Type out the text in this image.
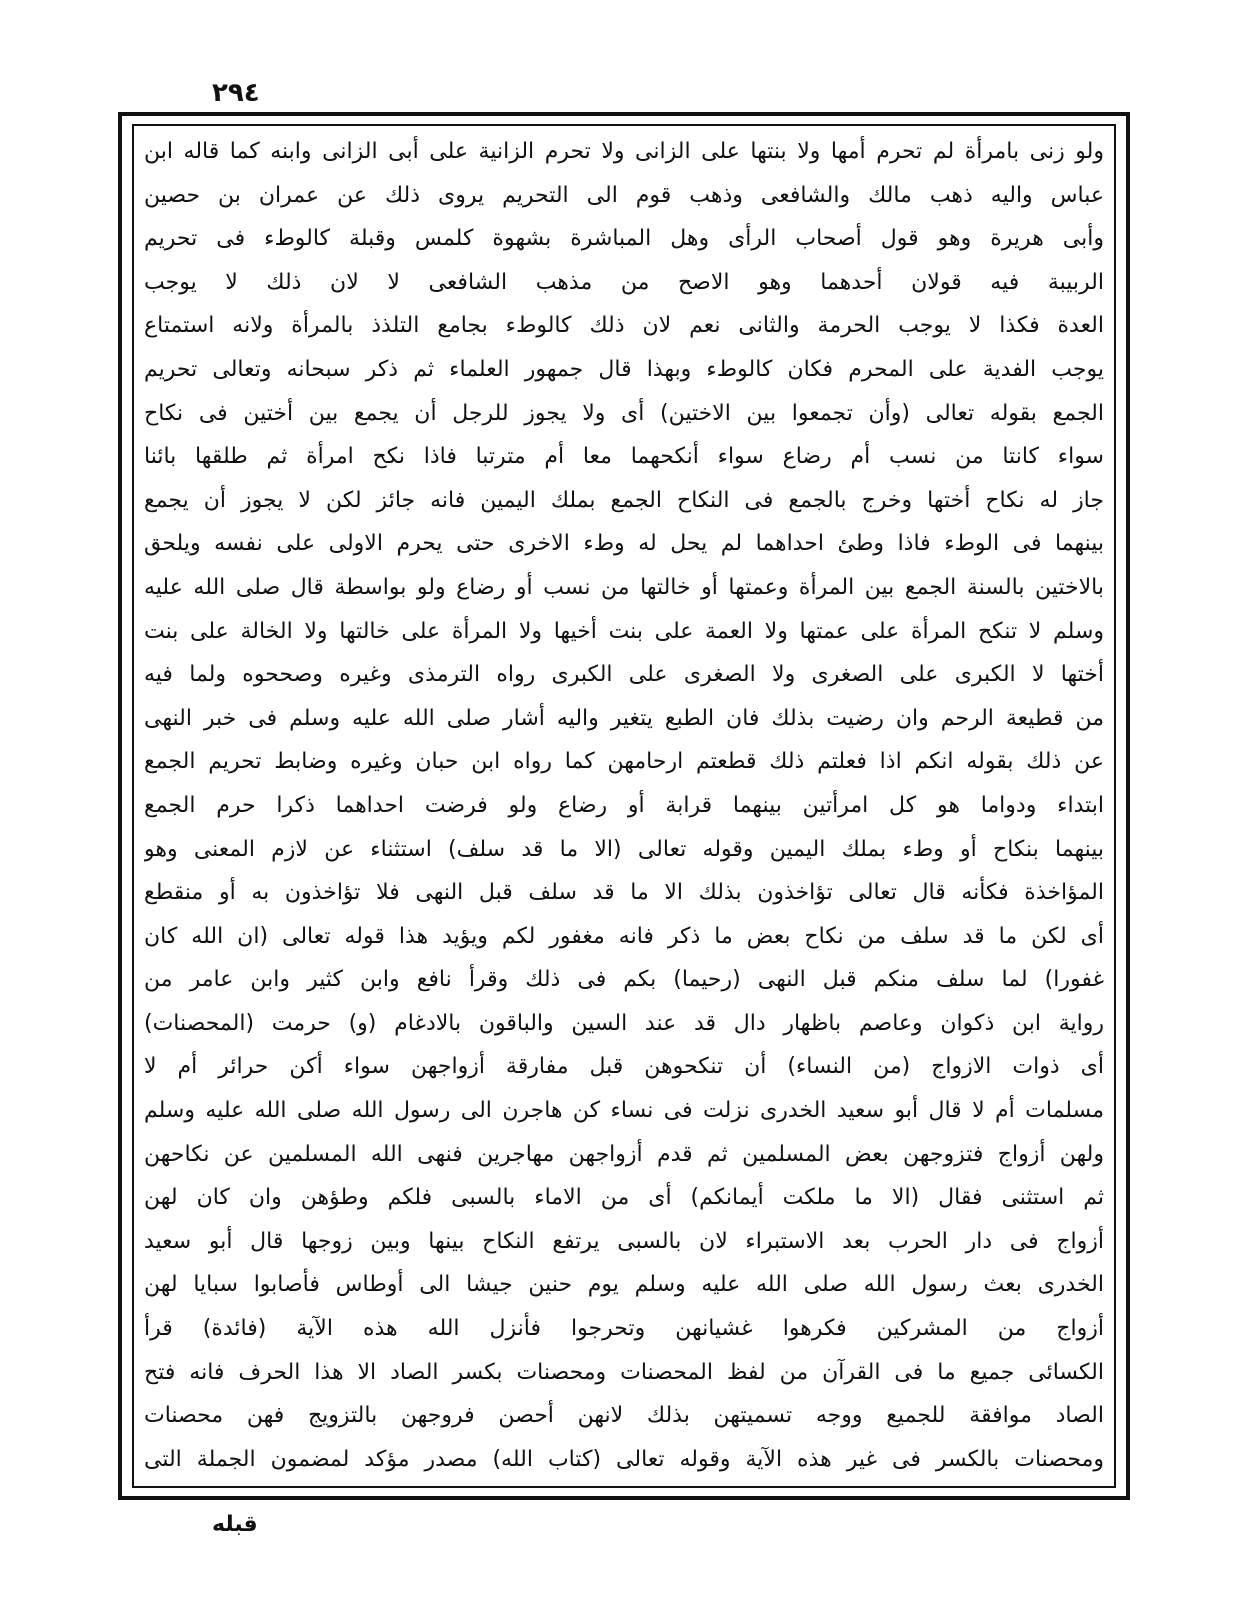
٢٩٤
ولو زنى بامرأة لم تحرم أمها ولا بنتها على الزانى ولا تحرم الزانية على أبى الزانى وابنه كما قاله ابن
عباس واليه ذهب مالك والشافعى وذهب قوم الى التحريم يروى ذلك عن عمران بن حصين
وأبى هريرة وهو قول أصحاب الرأى وهل المباشرة بشهوة كلمس وقبلة كالوطء فى تحريم
الربيبة فيه قولان أحدهما وهو الاصح من مذهب الشافعى لا لان ذلك لا يوجب
العدة فكذا لا يوجب الحرمة والثانى نعم لان ذلك كالوطء بجامع التلذذ بالمرأة ولانه استمتاع
يوجب الفدية على المحرم فكان كالوطء وبهذا قال جمهور العلماء ثم ذكر سبحانه وتعالى تحريم
الجمع بقوله تعالى (وأن تجمعوا بين الاختين) أى ولا يجوز للرجل أن يجمع بين أختين فى نكاح
سواء كانتا من نسب أم رضاع سواء أنكحهما معا أم مترتبا فاذا نكح امرأة ثم طلقها بائنا
جاز له نكاح أختها وخرج بالجمع فى النكاح الجمع بملك اليمين فانه جائز لكن لا يجوز أن يجمع
بينهما فى الوطء فاذا وطئ احداهما لم يحل له وطء الاخرى حتى يحرم الاولى على نفسه ويلحق
بالاختين بالسنة الجمع بين المرأة وعمتها أو خالتها من نسب أو رضاع ولو بواسطة قال صلى الله عليه
وسلم لا تنكح المرأة على عمتها ولا العمة على بنت أخيها ولا المرأة على خالتها ولا الخالة على بنت
أختها لا الكبرى على الصغرى ولا الصغرى على الكبرى رواه الترمذى وغيره وصححوه ولما فيه
من قطيعة الرحم وان رضيت بذلك فان الطبع يتغير واليه أشار صلى الله عليه وسلم فى خبر النهى
عن ذلك بقوله انكم اذا فعلتم ذلك قطعتم ارحامهن كما رواه ابن حبان وغيره وضابط تحريم الجمع
ابتداء ودواما هو كل امرأتين بينهما قرابة أو رضاع ولو فرضت احداهما ذكرا حرم الجمع
بينهما بنكاح أو وطء بملك اليمين وقوله تعالى (الا ما قد سلف) استثناء عن لازم المعنى وهو
المؤاخذة فكأنه قال تعالى تؤاخذون بذلك الا ما قد سلف قبل النهى فلا تؤاخذون به أو منقطع
أى لكن ما قد سلف من نكاح بعض ما ذكر فانه مغفور لكم ويؤيد هذا قوله تعالى (ان الله كان
غفورا) لما سلف منكم قبل النهى (رحيما) بكم فى ذلك وقرأ نافع وابن كثير وابن عامر من
رواية ابن ذكوان وعاصم باظهار دال قد عند السين والباقون بالادغام (و) حرمت (المحصنات)
أى ذوات الازواج (من النساء) أن تنكحوهن قبل مفارقة أزواجهن سواء أكن حرائر أم لا
مسلمات أم لا قال أبو سعيد الخدرى نزلت فى نساء كن هاجرن الى رسول الله صلى الله عليه وسلم
ولهن أزواج فتزوجهن بعض المسلمين ثم قدم أزواجهن مهاجرين فنهى الله المسلمين عن نكاحهن
ثم استثنى فقال (الا ما ملكت أيمانكم) أى من الاماء بالسبى فلكم وطؤهن وان كان لهن
أزواج فى دار الحرب بعد الاستبراء لان بالسبى يرتفع النكاح بينها وبين زوجها قال أبو سعيد
الخدرى بعث رسول الله صلى الله عليه وسلم يوم حنين جيشا الى أوطاس فأصابوا سبايا لهن
أزواج من المشركين فكرهوا غشيانهن وتحرجوا فأنزل الله هذه الآية (فائدة) قرأ
الكسائى جميع ما فى القرآن من لفظ المحصنات ومحصنات بكسر الصاد الا هذا الحرف فانه فتح
الصاد موافقة للجميع ووجه تسميتهن بذلك لانهن أحصن فروجهن بالتزويج فهن محصنات
ومحصنات بالكسر فى غير هذه الآية وقوله تعالى (كتاب الله) مصدر مؤكد لمضمون الجملة التى
قبله
